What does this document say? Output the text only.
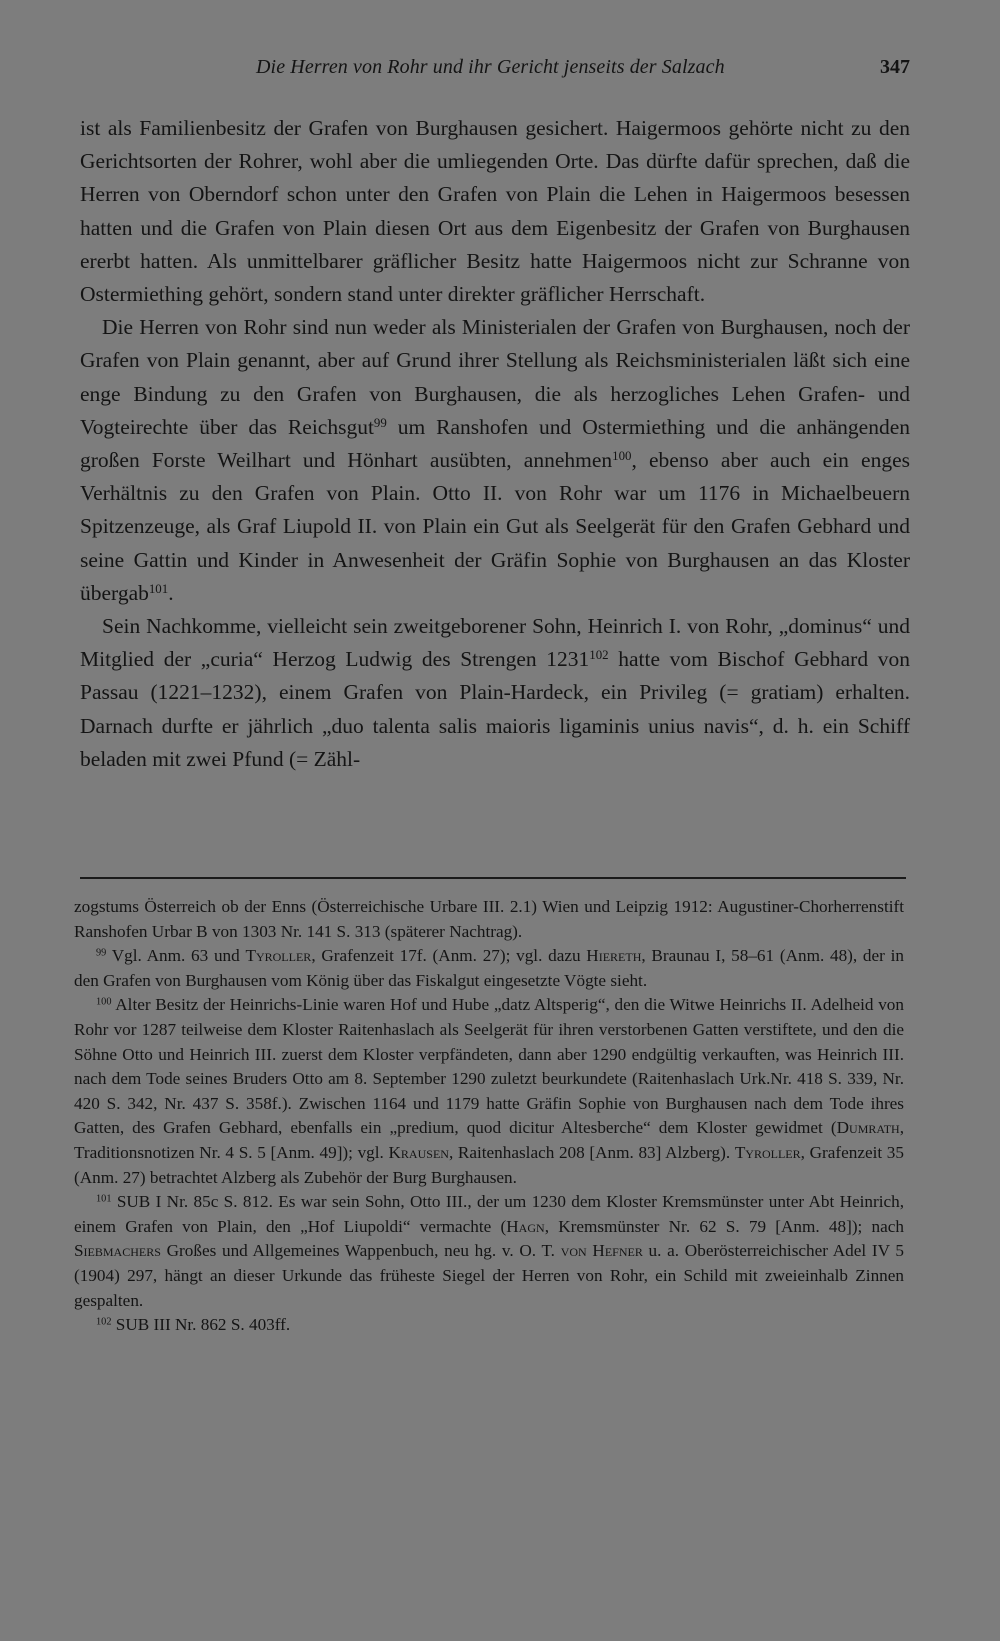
Die Herren von Rohr und ihr Gericht jenseits der Salzach	347

ist als Familienbesitz der Grafen von Burghausen gesichert. Haigermoos gehörte nicht zu den Gerichtsorten der Rohrer, wohl aber die umliegenden Orte. Das dürfte dafür sprechen, daß die Herren von Oberndorf schon unter den Grafen von Plain die Lehen in Haigermoos besessen hatten und die Grafen von Plain diesen Ort aus dem Eigenbesitz der Grafen von Burghausen ererbt hatten. Als unmittelbarer gräflicher Besitz hatte Haigermoos nicht zur Schranne von Ostermiething gehört, sondern stand unter direkter gräflicher Herrschaft.

Die Herren von Rohr sind nun weder als Ministerialen der Grafen von Burghausen, noch der Grafen von Plain genannt, aber auf Grund ihrer Stellung als Reichsministerialen läßt sich eine enge Bindung zu den Grafen von Burghausen, die als herzogliches Lehen Grafen- und Vogteirechte über das Reichsgut$^{99}$ um Ranshofen und Ostermiething und die anhängenden großen Forste Weilhart und Hönhart ausübten, annehmen$^{100}$, ebenso aber auch ein enges Verhältnis zu den Grafen von Plain. Otto II. von Rohr war um 1176 in Michaelbeuern Spitzenzeuge, als Graf Liupold II. von Plain ein Gut als Seelgerät für den Grafen Gebhard und seine Gattin und Kinder in Anwesenheit der Gräfin Sophie von Burghausen an das Kloster übergab$^{101}$.

Sein Nachkomme, vielleicht sein zweitgeborener Sohn, Heinrich I. von Rohr, „dominus“ und Mitglied der „curia“ Herzog Ludwig des Strengen 1231$^{102}$ hatte vom Bischof Gebhard von Passau (1221–1232), einem Grafen von Plain-Hardeck, ein Privileg (= gratiam) erhalten. Darnach durfte er jährlich „duo talenta salis maioris ligaminis unius navis“, d. h. ein Schiff beladen mit zwei Pfund (= Zähl-

zogstums Österreich ob der Enns (Österreichische Urbare III. 2.1) Wien und Leipzig 1912: Augustiner-Chorherrenstift Ranshofen Urbar B von 1303 Nr. 141 S. 313 (späterer Nachtrag).

$^{99}$ Vgl. Anm. 63 und Tyroller, Grafenzeit 17f. (Anm. 27); vgl. dazu Hiereth, Braunau I, 58–61 (Anm. 48), der in den Grafen von Burghausen vom König über das Fiskalgut eingesetzte Vögte sieht.

$^{100}$ Alter Besitz der Heinrichs-Linie waren Hof und Hube „datz Altsperig“, den die Witwe Heinrichs II. Adelheid von Rohr vor 1287 teilweise dem Kloster Raitenhaslach als Seelgerät für ihren verstorbenen Gatten verstiftete, und den die Söhne Otto und Heinrich III. zuerst dem Kloster verpfändeten, dann aber 1290 endgültig verkauften, was Heinrich III. nach dem Tode seines Bruders Otto am 8. September 1290 zuletzt beurkundete (Raitenhaslach Urk.Nr. 418 S. 339, Nr. 420 S. 342, Nr. 437 S. 358f.). Zwischen 1164 und 1179 hatte Gräfin Sophie von Burghausen nach dem Tode ihres Gatten, des Grafen Gebhard, ebenfalls ein „predium, quod dicitur Altesberche“ dem Kloster gewidmet (Dumrath, Traditionsnotizen Nr. 4 S. 5 [Anm. 49]); vgl. Krausen, Raitenhaslach 208 [Anm. 83] Alzberg). Tyroller, Grafenzeit 35 (Anm. 27) betrachtet Alzberg als Zubehör der Burg Burghausen.

$^{101}$ SUB I Nr. 85c S. 812. Es war sein Sohn, Otto III., der um 1230 dem Kloster Kremsmünster unter Abt Heinrich, einem Grafen von Plain, den „Hof Liupoldi“ vermachte (Hagn, Kremsmünster Nr. 62 S. 79 [Anm. 48]); nach Siebmachers Großes und Allgemeines Wappenbuch, neu hg. v. O. T. von Hefner u. a. Oberösterreichischer Adel IV 5 (1904) 297, hängt an dieser Urkunde das früheste Siegel der Herren von Rohr, ein Schild mit zweieinhalb Zinnen gespalten.

$^{102}$ SUB III Nr. 862 S. 403ff.
